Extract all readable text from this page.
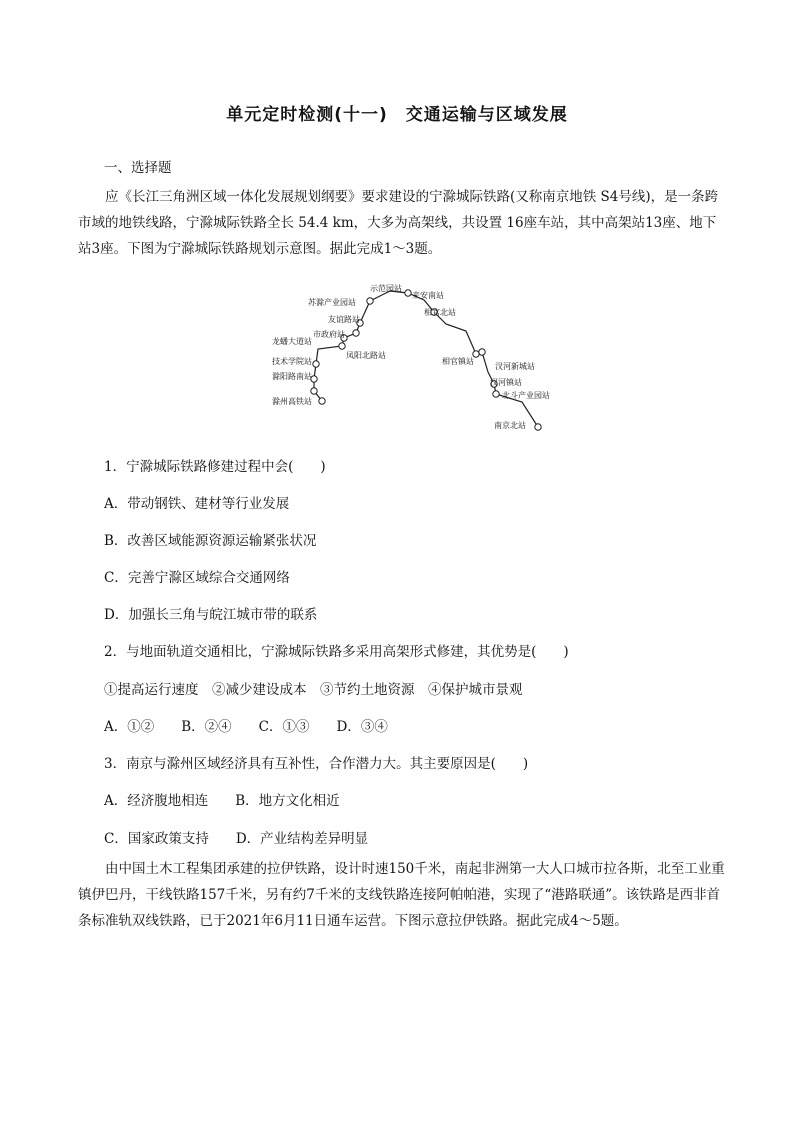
单元定时检测(十一)　交通运输与区域发展
一、选择题

应《长江三角洲区域一体化发展规划纲要》要求建设的宁滁城际铁路(又称南京地铁 S4号线)，是一条跨市域的地铁线路，宁滁城际铁路全长 54.4 km，大多为高架线，共设置 16座车站，其中高架站13座、地下站3座。下图为宁滁城际铁路规划示意图。据此完成1～3题。

滁州高铁站
滁阳路南站
技术学院站
龙蟠大道站
市政府站
凤阳北路站
友谊路站
苏滁产业园站
示范园站
来安南站
相官北站
相官镇站
汊河新城站
汊河镇站
北斗产业园站
南京北站
1．宁滁城际铁路修建过程中会(　　)
A．带动钢铁、建材等行业发展
B．改善区域能源资源运输紧张状况
C．完善宁滁区域综合交通网络
D．加强长三角与皖江城市带的联系
2．与地面轨道交通相比，宁滁城际铁路多采用高架形式修建，其优势是(　　)
①提高运行速度　②减少建设成本　③节约土地资源　④保护城市景观
A．①②　　B．②④　　C．①③　　D．③④
3．南京与滁州区域经济具有互补性，合作潜力大。其主要原因是(　　)
A．经济腹地相连　　B．地方文化相近
C．国家政策支持　　D．产业结构差异明显

由中国土木工程集团承建的拉伊铁路，设计时速150千米，南起非洲第一大人口城市拉各斯，北至工业重镇伊巴丹，干线铁路157千米，另有约7千米的支线铁路连接阿帕帕港，实现了“港路联通”。该铁路是西非首条标准轨双线铁路，已于2021年6月11日通车运营。下图示意拉伊铁路。据此完成4～5题。
